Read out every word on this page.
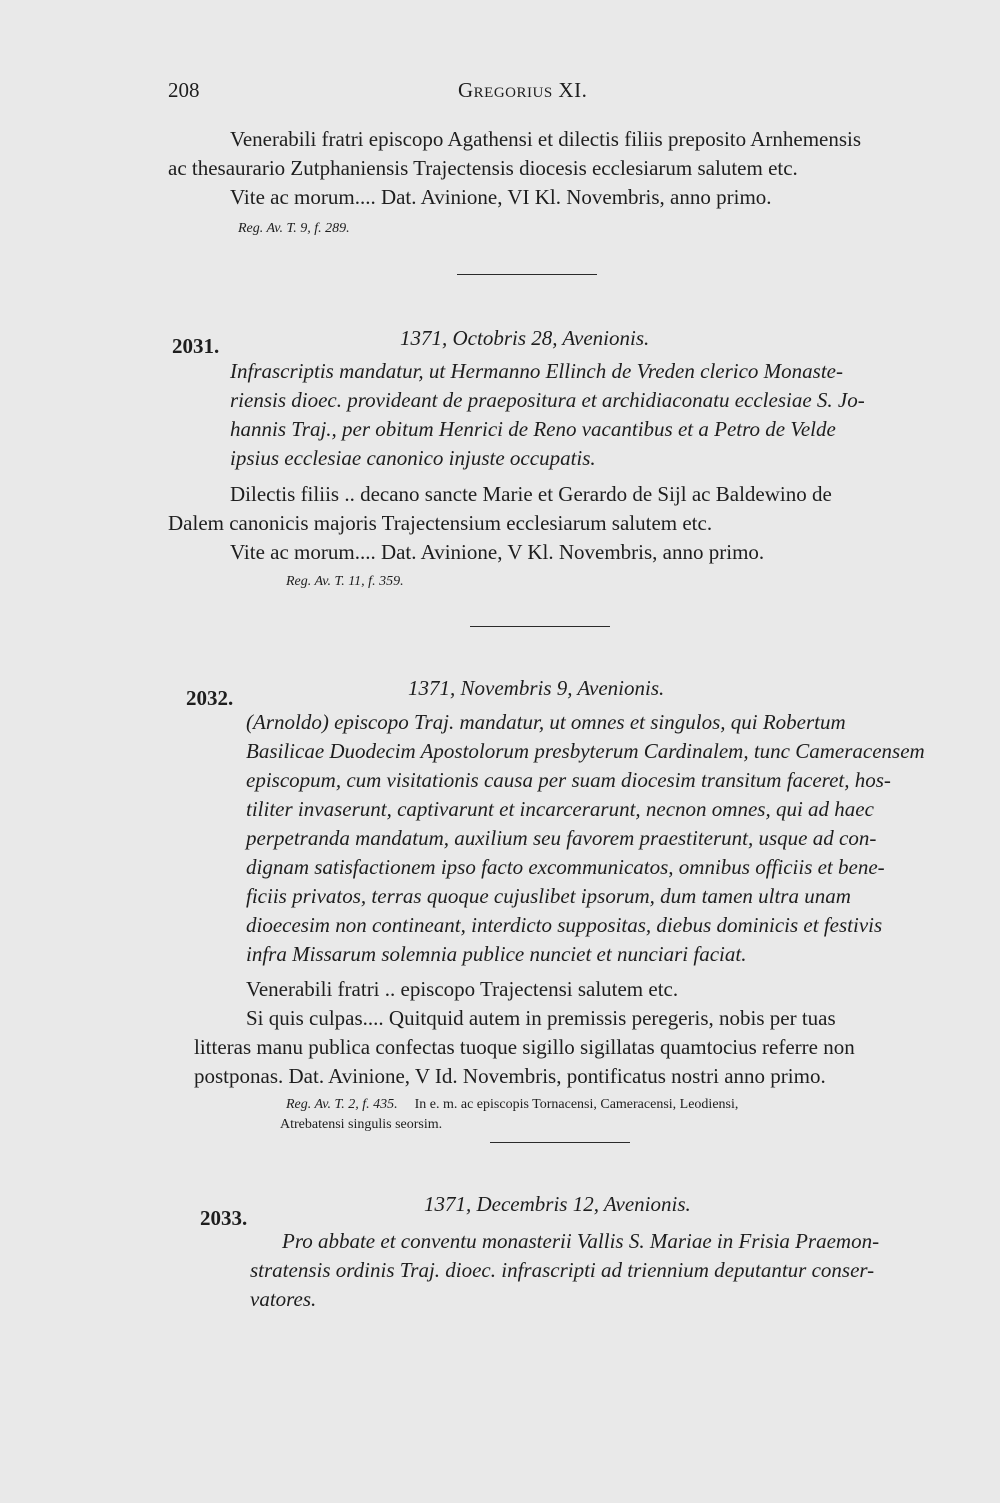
208	Gregorius XI.
Venerabili fratri episcopo Agathensi et dilectis filiis preposito Arnhemensis
ac thesaurario Zutphaniensis Trajectensis diocesis ecclesiarum salutem etc.
Vite ac morum.... Dat. Avinione, VI Kl. Novembris, anno primo.
Reg. Av. T. 9, f. 289.
2031.	1371, Octobris 28, Avenionis.
Infrascriptis mandatur, ut Hermanno Ellinch de Vreden clerico Monaste-
riensis dioec. provideant de praepositura et archidiaconatu ecclesiae S. Jo-
hannis Traj., per obitum Henrici de Reno vacantibus et a Petro de Velde
ipsius ecclesiae canonico injuste occupatis.
Dilectis filiis .. decano sancte Marie et Gerardo de Sijl ac Baldewino de
Dalem canonicis majoris Trajectensium ecclesiarum salutem etc.
Vite ac morum.... Dat. Avinione, V Kl. Novembris, anno primo.
Reg. Av. T. 11, f. 359.
2032.	1371, Novembris 9, Avenionis.
(Arnoldo) episcopo Traj. mandatur, ut omnes et singulos, qui Robertum
Basilicae Duodecim Apostolorum presbyterum Cardinalem, tunc Cameracensem
episcopum, cum visitationis causa per suam diocesim transitum faceret, hos-
tiliter invaserunt, captivarunt et incarcerarunt, necnon omnes, qui ad haec
perpetranda mandatum, auxilium seu favorem praestiterunt, usque ad con-
dignam satisfactionem ipso facto excommunicatos, omnibus officiis et bene-
ficiis privatos, terras quoque cujuslibet ipsorum, dum tamen ultra unam
dioecesim non contineant, interdicto suppositas, diebus dominicis et festivis
infra Missarum solemnia publice nunciet et nunciari faciat.
Venerabili fratri .. episcopo Trajectensi salutem etc.
Si quis culpas.... Quitquid autem in premissis peregeris, nobis per tuas
litteras manu publica confectas tuoque sigillo sigillatas quamtocius referre non
postponas. Dat. Avinione, V Id. Novembris, pontificatus nostri anno primo.
Reg. Av. T. 2, f. 435. In e. m. ac episcopis Tornacensi, Cameracensi, Leodiensi,
Atrebatensi singulis seorsim.
2033.
1371, Decembris 12, Avenionis.
Pro abbate et conventu monasterii Vallis S. Mariae in Frisia Praemon-
stratensis ordinis Traj. dioec. infrascripti ad triennium deputantur conser-
vatores.
